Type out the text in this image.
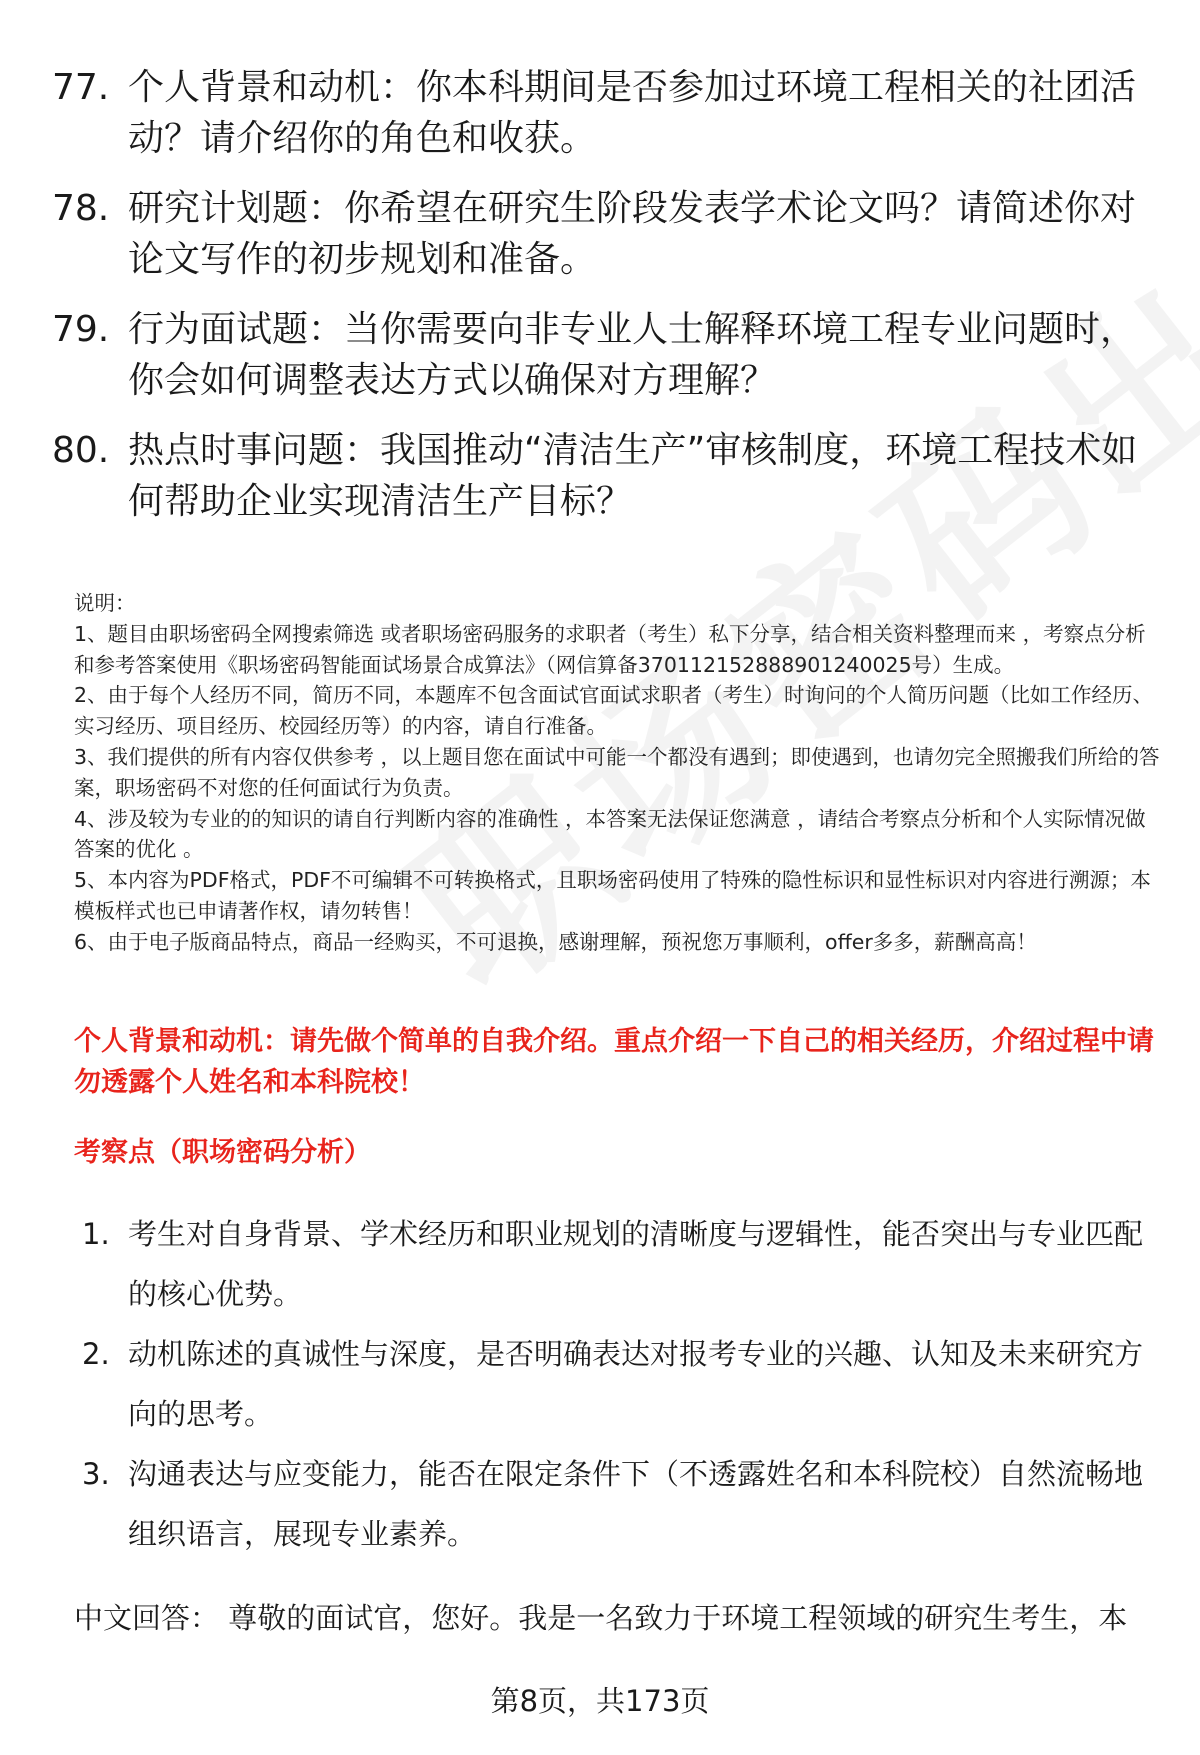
77. 个人背景和动机：你本科期间是否参加过环境工程相关的社团活动？请介绍你的角色和收获。
78. 研究计划题：你希望在研究生阶段发表学术论文吗？请简述你对论文写作的初步规划和准备。
79. 行为面试题：当你需要向非专业人士解释环境工程专业问题时，你会如何调整表达方式以确保对方理解？
80. 热点时事问题：我国推动“清洁生产”审核制度，环境工程技术如何帮助企业实现清洁生产目标？

说明：

1、题目由职场密码全网搜索筛选 或者职场密码服务的求职者（考生）私下分享，结合相关资料整理而来 ，考察点分析和参考答案使用《职场密码智能面试场景合成算法》（网信算备370112152888901240025号）生成。

2、由于每个人经历不同，简历不同，本题库不包含面试官面试求职者（考生）时询问的个人简历问题（比如工作经历、实习经历、项目经历、校园经历等）的内容，请自行准备。

3、我们提供的所有内容仅供参考 ，以上题目您在面试中可能一个都没有遇到；即使遇到，也请勿完全照搬我们所给的答案，职场密码不对您的任何面试行为负责。

4、涉及较为专业的的知识的请自行判断内容的准确性 ，本答案无法保证您满意 ，请结合考察点分析和个人实际情况做答案的优化 。

5、本内容为PDF格式，PDF不可编辑不可转换格式，且职场密码使用了特殊的隐性标识和显性标识对内容进行溯源；本模板样式也已申请著作权，请勿转售！

6、由于电子版商品特点，商品一经购买，不可退换，感谢理解，预祝您万事顺利，offer多多，薪酬高高！

个人背景和动机：请先做个简单的自我介绍。重点介绍一下自己的相关经历，介绍过程中请勿透露个人姓名和本科院校！
考察点（职场密码分析）
1. 考生对自身背景、学术经历和职业规划的清晰度与逻辑性，能否突出与专业匹配的核心优势。
2. 动机陈述的真诚性与深度，是否明确表达对报考专业的兴趣、认知及未来研究方向的思考。
3. 沟通表达与应变能力，能否在限定条件下（不透露姓名和本科院校）自然流畅地组织语言，展现专业素养。
中文回答： 尊敬的面试官，您好。我是一名致力于环境工程领域的研究生考生，本
第8页，共173页
